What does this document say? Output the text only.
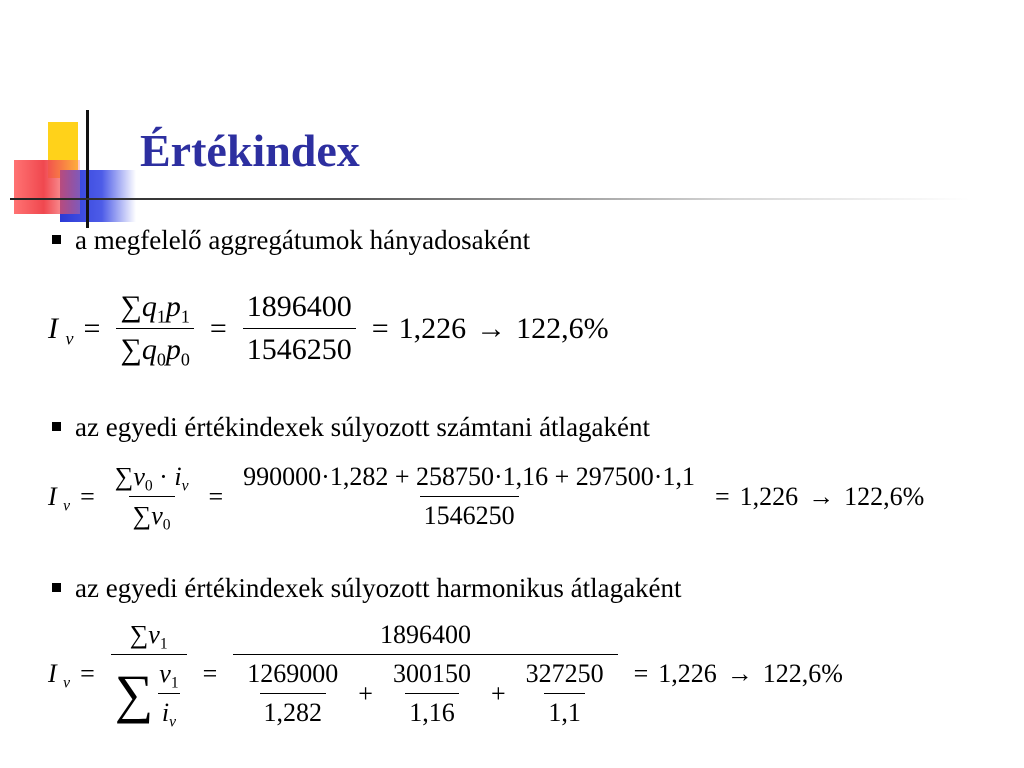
Értékindex
a megfelelő aggregátumok hányadosaként
I $_v = \frac{\sum q_1p_1}{\sum q_0p_0} = \frac{1896400}{1546250} = 1,226 \to 122,6\%$
az egyedi értékindexek súlyozott számtani átlagaként
I $_v = \frac{\sum v_0 \cdot i_v}{\sum v_0} = \frac{990000\cdot 1,282 + 258750\cdot 1,16 + 297500\cdot 1,1}{1546250} = 1,226 \to 122,6\%$
az egyedi értékindexek súlyozott harmonikus átlagaként
I $_v = \frac{\sum v_1}{\sum \frac{v_1}{i_v}}$ =
1896400
$\frac{1269000}{1,282} + \frac{300150}{1,16} + \frac{327250}{1,1} = 1,226 \to 122,6\%$
